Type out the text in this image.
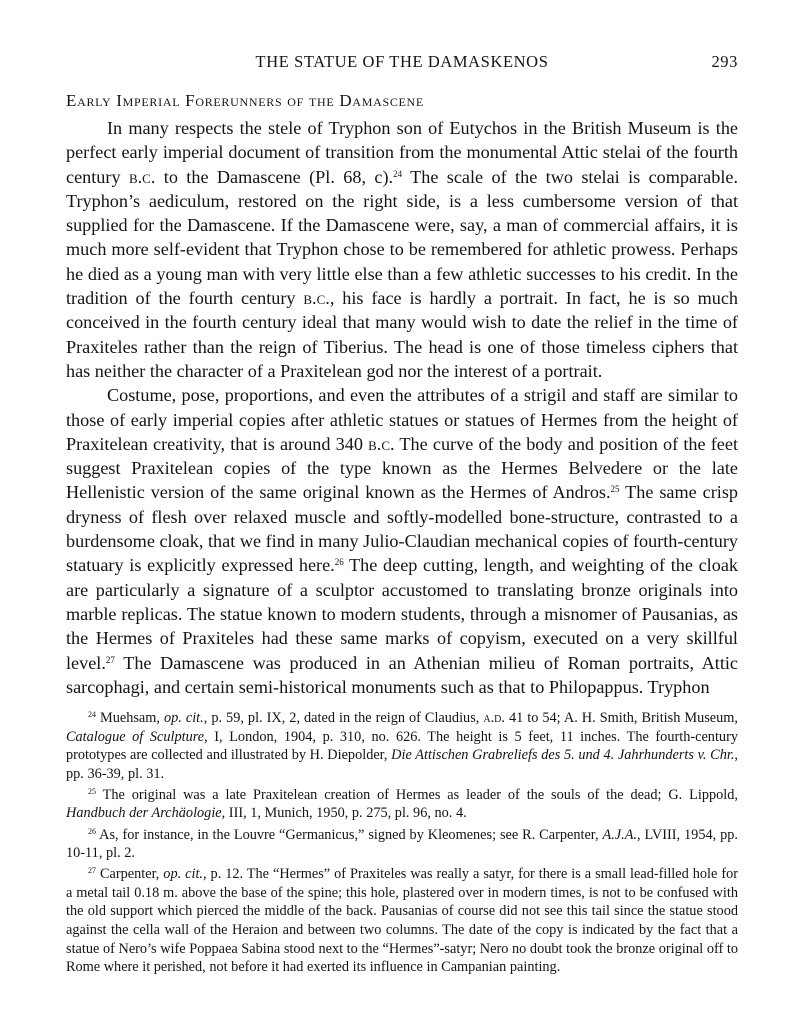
THE STATUE OF THE DAMASKENOS	293
Early Imperial Forerunners of the Damascene

In many respects the stele of Tryphon son of Eutychos in the British Museum is the perfect early imperial document of transition from the monumental Attic stelai of the fourth century b.c. to the Damascene (Pl. 68, c).$^{24}$ The scale of the two stelai is comparable. Tryphon’s aediculum, restored on the right side, is a less cumbersome version of that supplied for the Damascene. If the Damascene were, say, a man of commercial affairs, it is much more self-evident that Tryphon chose to be remembered for athletic prowess. Perhaps he died as a young man with very little else than a few athletic successes to his credit. In the tradition of the fourth century b.c., his face is hardly a portrait. In fact, he is so much conceived in the fourth century ideal that many would wish to date the relief in the time of Praxiteles rather than the reign of Tiberius. The head is one of those timeless ciphers that has neither the character of a Praxitelean god nor the interest of a portrait.

Costume, pose, proportions, and even the attributes of a strigil and staff are similar to those of early imperial copies after athletic statues or statues of Hermes from the height of Praxitelean creativity, that is around 340 b.c. The curve of the body and position of the feet suggest Praxitelean copies of the type known as the Hermes Belvedere or the late Hellenistic version of the same original known as the Hermes of Andros.$^{25}$ The same crisp dryness of flesh over relaxed muscle and softly-modelled bone-structure, contrasted to a burdensome cloak, that we find in many Julio-Claudian mechanical copies of fourth-century statuary is explicitly expressed here.$^{26}$ The deep cutting, length, and weighting of the cloak are particularly a signature of a sculptor accustomed to translating bronze originals into marble replicas. The statue known to modern students, through a misnomer of Pausanias, as the Hermes of Praxiteles had these same marks of copyism, executed on a very skillful level.$^{27}$ The Damascene was produced in an Athenian milieu of Roman portraits, Attic sarcophagi, and certain semi-historical monuments such as that to Philopappus. Tryphon

$^{24}$ Muehsam, op. cit., p. 59, pl. IX, 2, dated in the reign of Claudius, a.d. 41 to 54; A. H. Smith, British Museum, Catalogue of Sculpture, I, London, 1904, p. 310, no. 626. The height is 5 feet, 11 inches. The fourth-century prototypes are collected and illustrated by H. Diepolder, Die Attischen Grabreliefs des 5. und 4. Jahrhunderts v. Chr., pp. 36-39, pl. 31.

$^{25}$ The original was a late Praxitelean creation of Hermes as leader of the souls of the dead; G. Lippold, Handbuch der Archäologie, III, 1, Munich, 1950, p. 275, pl. 96, no. 4.

$^{26}$ As, for instance, in the Louvre “Germanicus,” signed by Kleomenes; see R. Carpenter, A.J.A., LVIII, 1954, pp. 10-11, pl. 2.

$^{27}$ Carpenter, op. cit., p. 12. The “Hermes” of Praxiteles was really a satyr, for there is a small lead-filled hole for a metal tail 0.18 m. above the base of the spine; this hole, plastered over in modern times, is not to be confused with the old support which pierced the middle of the back. Pausanias of course did not see this tail since the statue stood against the cella wall of the Heraion and between two columns. The date of the copy is indicated by the fact that a statue of Nero’s wife Poppaea Sabina stood next to the “Hermes”-satyr; Nero no doubt took the bronze original off to Rome where it perished, not before it had exerted its influence in Campanian painting.
